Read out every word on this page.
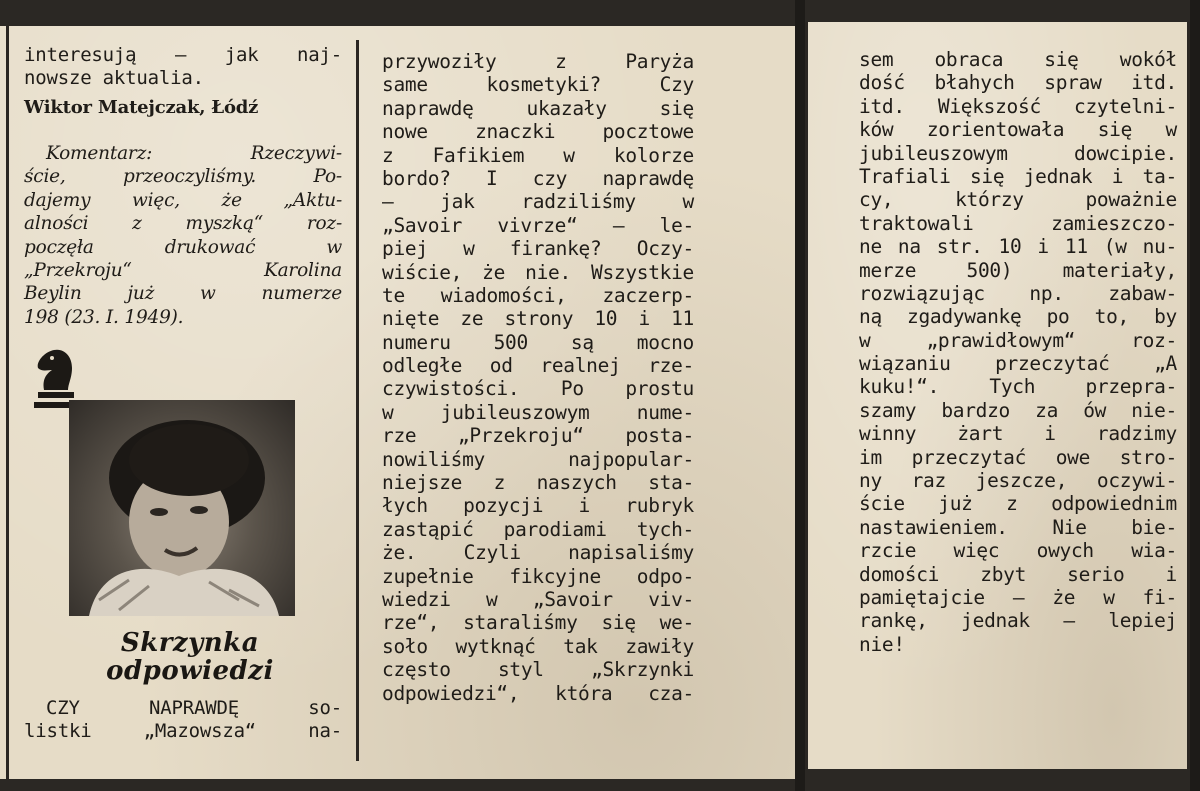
interesują — jak naj-
nowsze aktualia.
Wiktor Matejczak, Łódź
Komentarz: Rzeczywi-
ście, przeoczyliśmy. Po-
dajemy więc, że „Aktu-
alności z myszką“ roz-
poczęła drukować w
„Przekroju“ Karolina
Beylin już w numerze
198 (23. I. 1949).
Skrzynka
odpowiedzi
CZY NAPRAWDĘ so-
listki „Mazowsza“ na-
przywoziły z Paryża
same kosmetyki? Czy
naprawdę ukazały się
nowe znaczki pocztowe
z Fafikiem w kolorze
bordo? I czy naprawdę
— jak radziliśmy w
„Savoir vivrze“ — le-
piej w firankę? Oczy-
wiście, że nie. Wszystkie
te wiadomości, zaczerp-
nięte ze strony 10 i 11
numeru 500 są mocno
odległe od realnej rze-
czywistości. Po prostu
w jubileuszowym nume-
rze „Przekroju“ posta-
nowiliśmy najpopular-
niejsze z naszych sta-
łych pozycji i rubryk
zastąpić parodiami tych-
że. Czyli napisaliśmy
zupełnie fikcyjne odpo-
wiedzi w „Savoir viv-
rze“, staraliśmy się we-
soło wytknąć tak zawiły
często styl „Skrzynki
odpowiedzi“, która cza-
sem obraca się wokół
dość błahych spraw itd.
itd. Większość czytelni-
ków zorientowała się w
jubileuszowym dowcipie.
Trafiali się jednak i ta-
cy, którzy poważnie
traktowali zamieszczo-
ne na str. 10 i 11 (w nu-
merze 500) materiały,
rozwiązując np. zabaw-
ną zgadywankę po to, by
w „prawidłowym“ roz-
wiązaniu przeczytać „A
kuku!“. Tych przepra-
szamy bardzo za ów nie-
winny żart i radzimy
im przeczytać owe stro-
ny raz jeszcze, oczywi-
ście już z odpowiednim
nastawieniem. Nie bie-
rzcie więc owych wia-
domości zbyt serio i
pamiętajcie — że w fi-
rankę, jednak — lepiej
nie!
